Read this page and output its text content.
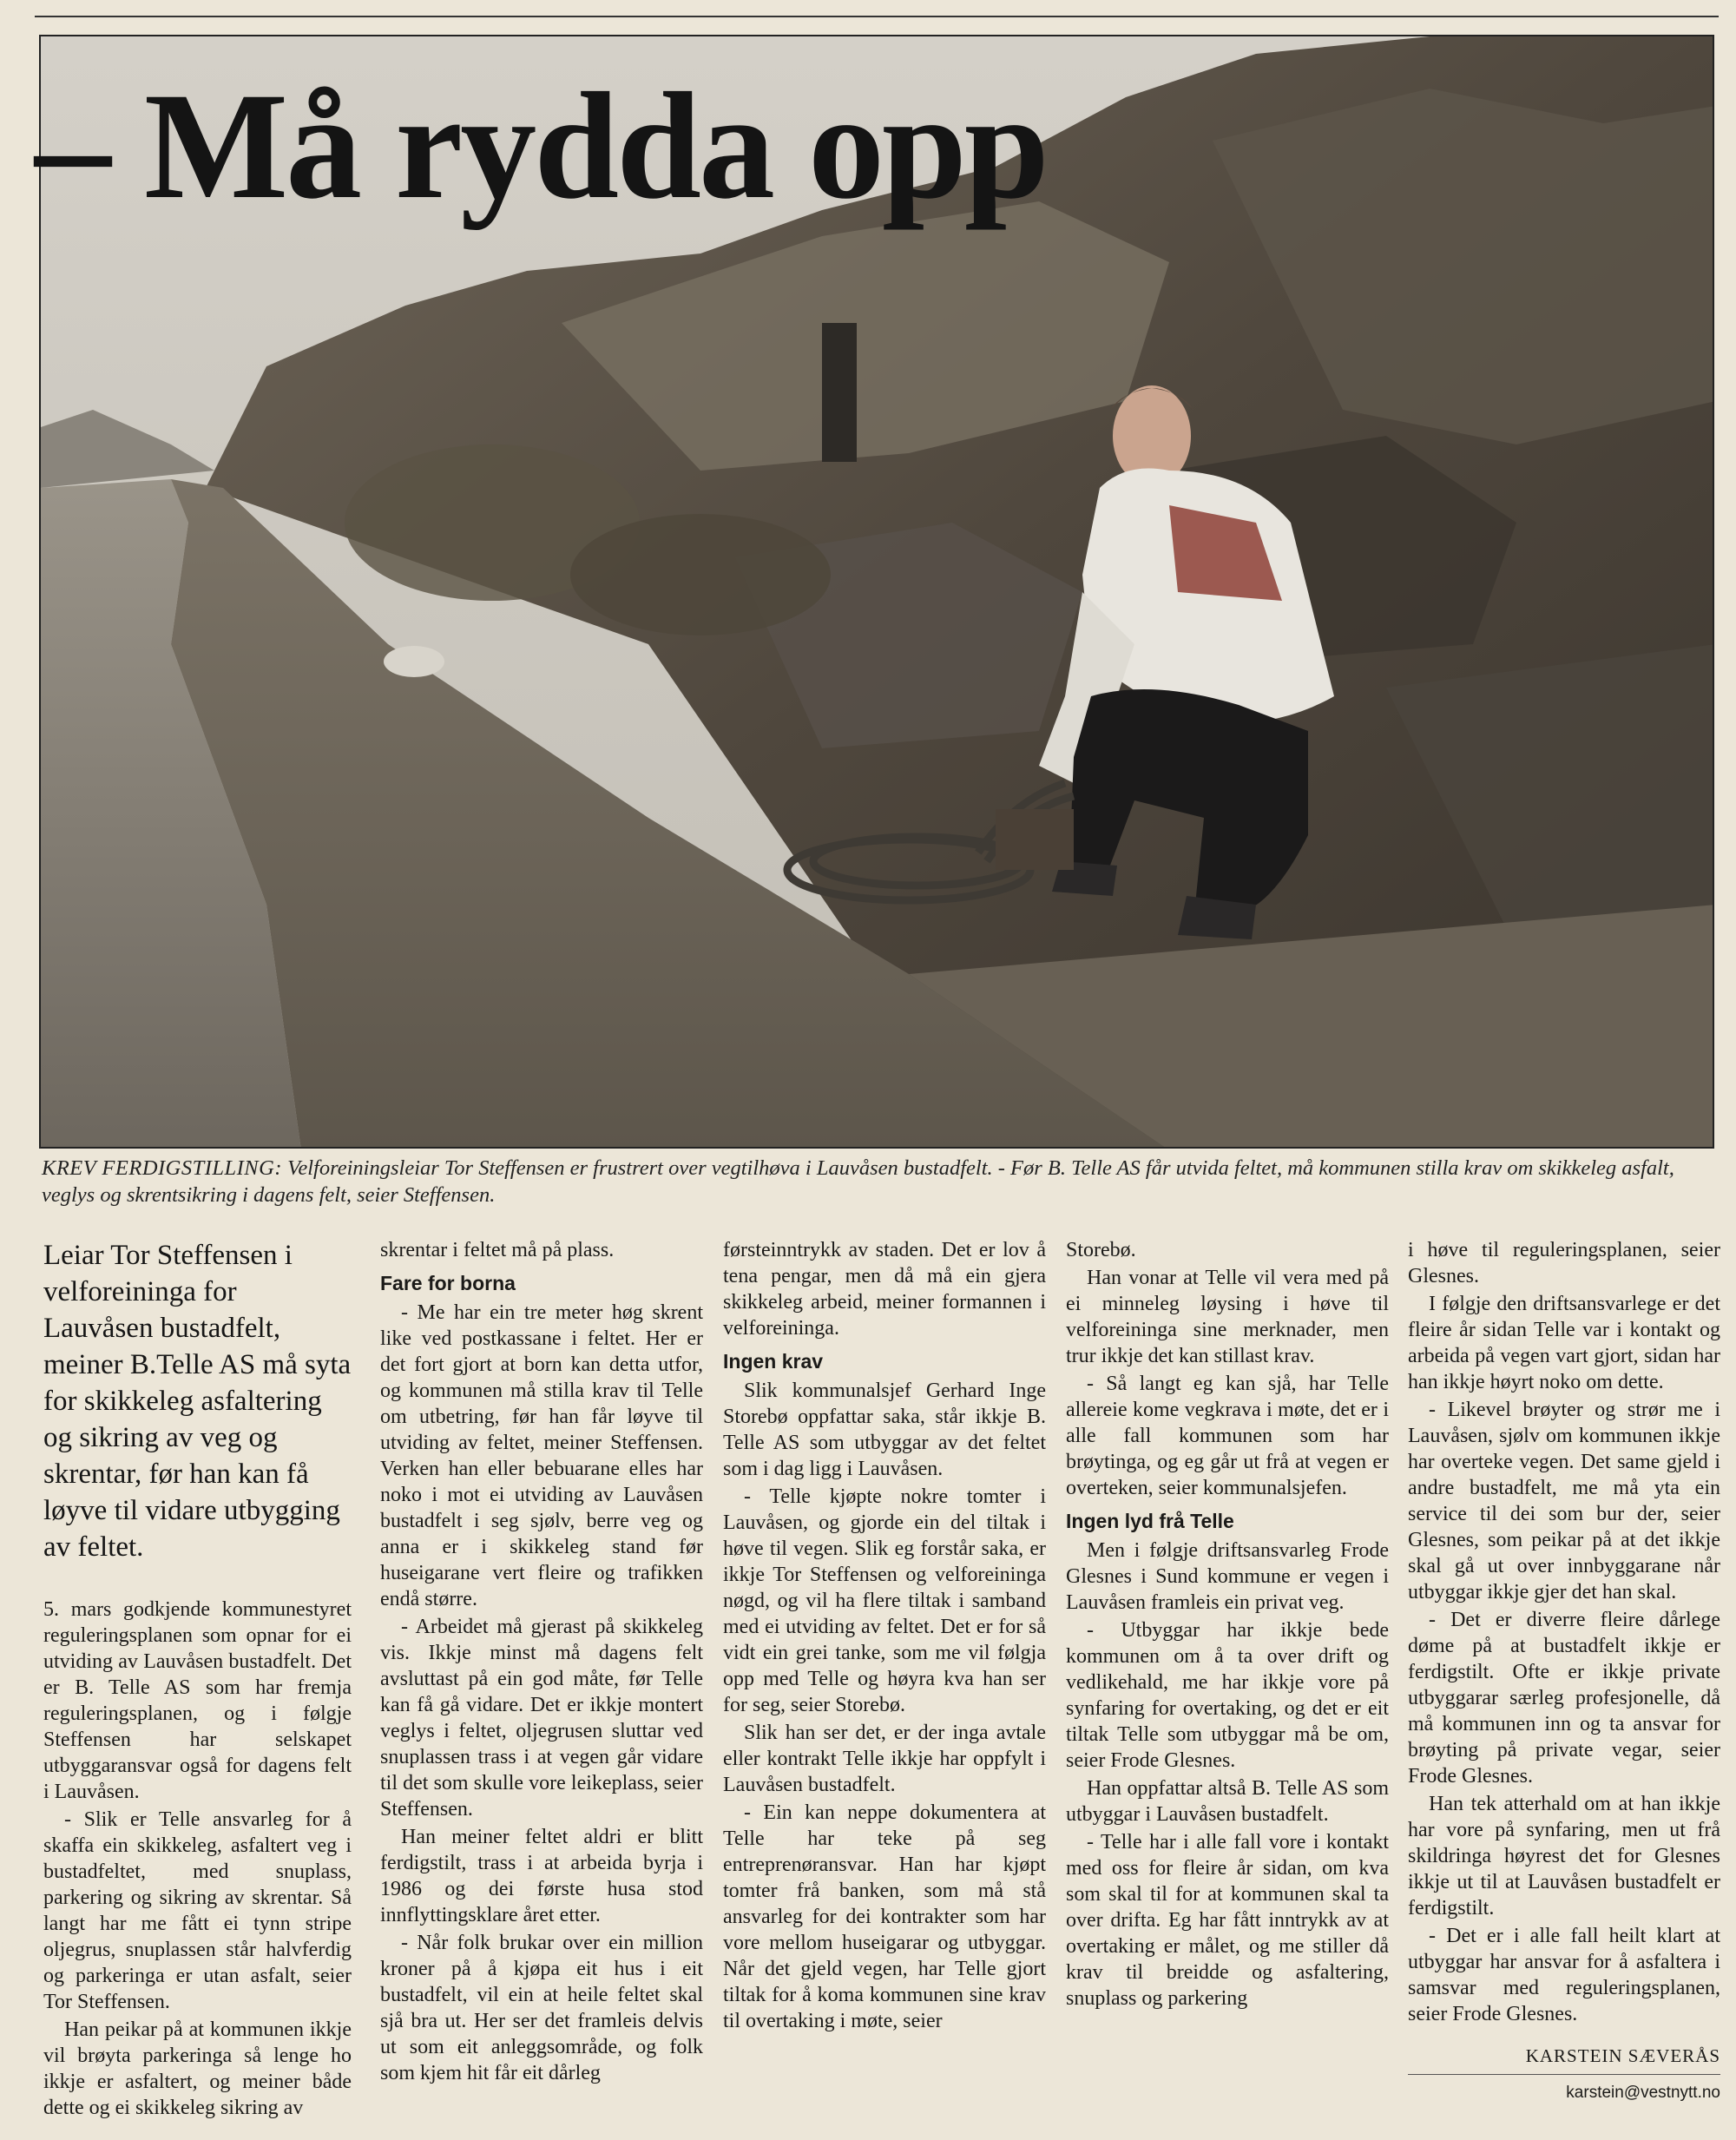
– Må rydda opp
KREV FERDIGSTILLING: Velforeiningsleiar Tor Steffensen er frustrert over vegtilhøva i Lauvåsen bustadfelt. - Før B. Telle AS får utvida feltet, må kommunen stilla krav om skikkeleg asfalt, veglys og skrentsikring i dagens felt, seier Steffensen.
Leiar Tor Steffensen i velforeininga for Lauvåsen bustadfelt, meiner B.Telle AS må syta for skikkeleg asfaltering og sikring av veg og skrentar, før han kan få løyve til vidare utbygging av feltet.

5. mars godkjende kommunestyret reguleringsplanen som opnar for ei utviding av Lauvåsen bustadfelt. Det er B. Telle AS som har fremja reguleringsplanen, og i følgje Steffensen har selskapet utbyggaransvar også for dagens felt i Lauvåsen.

- Slik er Telle ansvarleg for å skaffa ein skikkeleg, asfaltert veg i bustadfeltet, med snuplass, parkering og sikring av skrentar. Så langt har me fått ei tynn stripe oljegrus, snuplassen står halvferdig og parkeringa er utan asfalt, seier Tor Steffensen.

Han peikar på at kommunen ikkje vil brøyta parkeringa så lenge ho ikkje er asfaltert, og meiner både dette og ei skikkeleg sikring av

skrentar i feltet må på plass.

Fare for borna

- Me har ein tre meter høg skrent like ved postkassane i feltet. Her er det fort gjort at born kan detta utfor, og kommunen må stilla krav til Telle om utbetring, før han får løyve til utviding av feltet, meiner Steffensen. Verken han eller bebuarane elles har noko i mot ei utviding av Lauvåsen bustadfelt i seg sjølv, berre veg og anna er i skikkeleg stand før huseigarane vert fleire og trafikken endå større.

- Arbeidet må gjerast på skikkeleg vis. Ikkje minst må dagens felt avsluttast på ein god måte, før Telle kan få gå vidare. Det er ikkje montert veglys i feltet, oljegrusen sluttar ved snuplassen trass i at vegen går vidare til det som skulle vore leikeplass, seier Steffensen.

Han meiner feltet aldri er blitt ferdigstilt, trass i at arbeida byrja i 1986 og dei første husa stod innflyttingsklare året etter.

- Når folk brukar over ein million kroner på å kjøpa eit hus i eit bustadfelt, vil ein at heile feltet skal sjå bra ut. Her ser det framleis delvis ut som eit anleggsområde, og folk som kjem hit får eit dårleg

førsteinntrykk av staden. Det er lov å tena pengar, men då må ein gjera skikkeleg arbeid, meiner formannen i velforeininga.

Ingen krav

Slik kommunalsjef Gerhard Inge Storebø oppfattar saka, står ikkje B. Telle AS som utbyggar av det feltet som i dag ligg i Lauvåsen.

- Telle kjøpte nokre tomter i Lauvåsen, og gjorde ein del tiltak i høve til vegen. Slik eg forstår saka, er ikkje Tor Steffensen og velforeininga nøgd, og vil ha flere tiltak i samband med ei utviding av feltet. Det er for så vidt ein grei tanke, som me vil følgja opp med Telle og høyra kva han ser for seg, seier Storebø.

Slik han ser det, er der inga avtale eller kontrakt Telle ikkje har oppfylt i Lauvåsen bustadfelt.

- Ein kan neppe dokumentera at Telle har teke på seg entreprenøransvar. Han har kjøpt tomter frå banken, som må stå ansvarleg for dei kontrakter som har vore mellom huseigarar og utbyggar. Når det gjeld vegen, har Telle gjort tiltak for å koma kommunen sine krav til overtaking i møte, seier

Storebø.

Han vonar at Telle vil vera med på ei minneleg løysing i høve til velforeininga sine merknader, men trur ikkje det kan stillast krav.

- Så langt eg kan sjå, har Telle allereie kome vegkrava i møte, det er i alle fall kommunen som har brøytinga, og eg går ut frå at vegen er overteken, seier kommunalsjefen.

Ingen lyd frå Telle

Men i følgje driftsansvarleg Frode Glesnes i Sund kommune er vegen i Lauvåsen framleis ein privat veg.

- Utbyggar har ikkje bede kommunen om å ta over drift og vedlikehald, me har ikkje vore på synfaring for overtaking, og det er eit tiltak Telle som utbyggar må be om, seier Frode Glesnes.

Han oppfattar altså B. Telle AS som utbyggar i Lauvåsen bustadfelt.

- Telle har i alle fall vore i kontakt med oss for fleire år sidan, om kva som skal til for at kommunen skal ta over drifta. Eg har fått inntrykk av at overtaking er målet, og me stiller då krav til breidde og asfaltering, snuplass og parkering

i høve til reguleringsplanen, seier Glesnes.

I følgje den driftsansvarlege er det fleire år sidan Telle var i kontakt og arbeida på vegen vart gjort, sidan har han ikkje høyrt noko om dette.

- Likevel brøyter og strør me i Lauvåsen, sjølv om kommunen ikkje har overteke vegen. Det same gjeld i andre bustadfelt, me må yta ein service til dei som bur der, seier Glesnes, som peikar på at det ikkje skal gå ut over innbyggarane når utbyggar ikkje gjer det han skal.

- Det er diverre fleire dårlege døme på at bustadfelt ikkje er ferdigstilt. Ofte er ikkje private utbyggarar særleg profesjonelle, då må kommunen inn og ta ansvar for brøyting på private vegar, seier Frode Glesnes.

Han tek atterhald om at han ikkje har vore på synfaring, men ut frå skildringa høyrest det for Glesnes ikkje ut til at Lauvåsen bustadfelt er ferdigstilt.

- Det er i alle fall heilt klart at utbyggar har ansvar for å asfaltera i samsvar med reguleringsplanen, seier Frode Glesnes.

KARSTEIN SÆVERÅS
karstein@vestnytt.no
